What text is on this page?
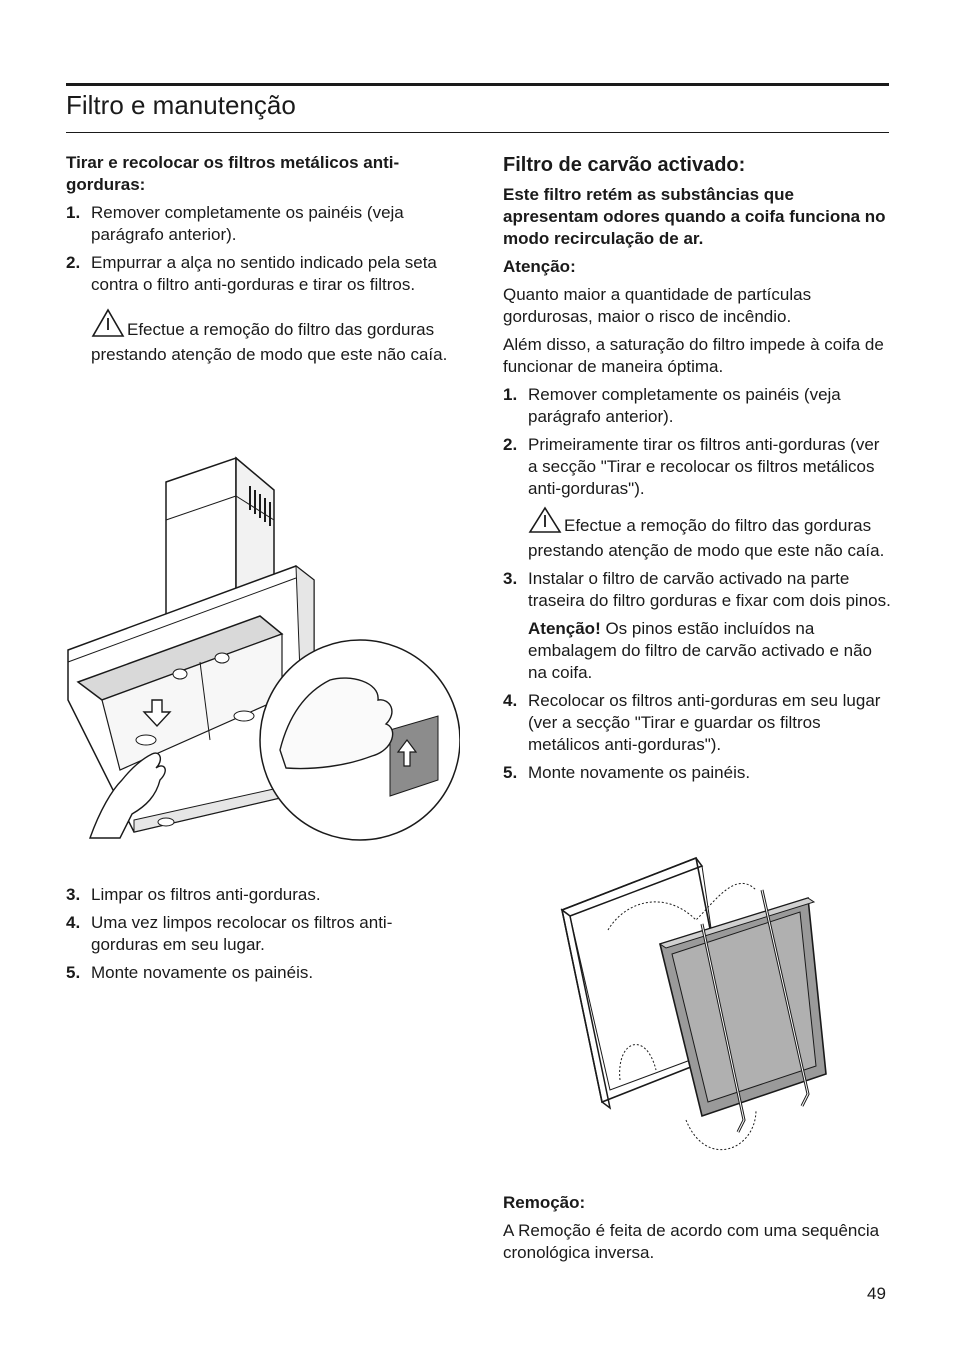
Filtro e manutenção

Tirar e recolocar os filtros metálicos anti-gorduras:

1. Remover completamente os painéis (veja parágrafo anterior).
2. Empurrar a alça no sentido indicado pela seta contra o filtro anti-gorduras e tirar os filtros.

Efectue a remoção do filtro das gorduras prestando atenção de modo que este não caía.

3. Limpar os filtros anti-gorduras.
4. Uma vez limpos recolocar os filtros anti-gorduras em seu lugar.
5. Monte novamente os painéis.
Filtro de carvão activado:

Este filtro retém as substâncias que apresentam odores quando a coifa funciona no modo recirculação de ar.

Atenção:

Quanto maior a quantidade de partículas gordurosas, maior o risco de incêndio.

Além disso, a saturação do filtro impede à coifa de funcionar de maneira óptima.

1. Remover completamente os painéis (veja parágrafo anterior).
2. Primeiramente tirar os filtros anti-gorduras (ver a secção "Tirar e recolocar os filtros metálicos anti-gorduras").

Efectue a remoção do filtro das gorduras prestando atenção de modo que este não caía.

3. Instalar o filtro de carvão activado na parte traseira do filtro gorduras e fixar com dois pinos.

Atenção! Os pinos estão incluídos na embalagem do filtro de carvão activado e não na coifa.

4. Recolocar os filtros anti-gorduras em seu lugar (ver a secção "Tirar e guardar os filtros metálicos anti-gorduras").
5. Monte novamente os painéis.

Remoção:

A Remoção é feita de acordo com uma sequência cronológica inversa.

49
